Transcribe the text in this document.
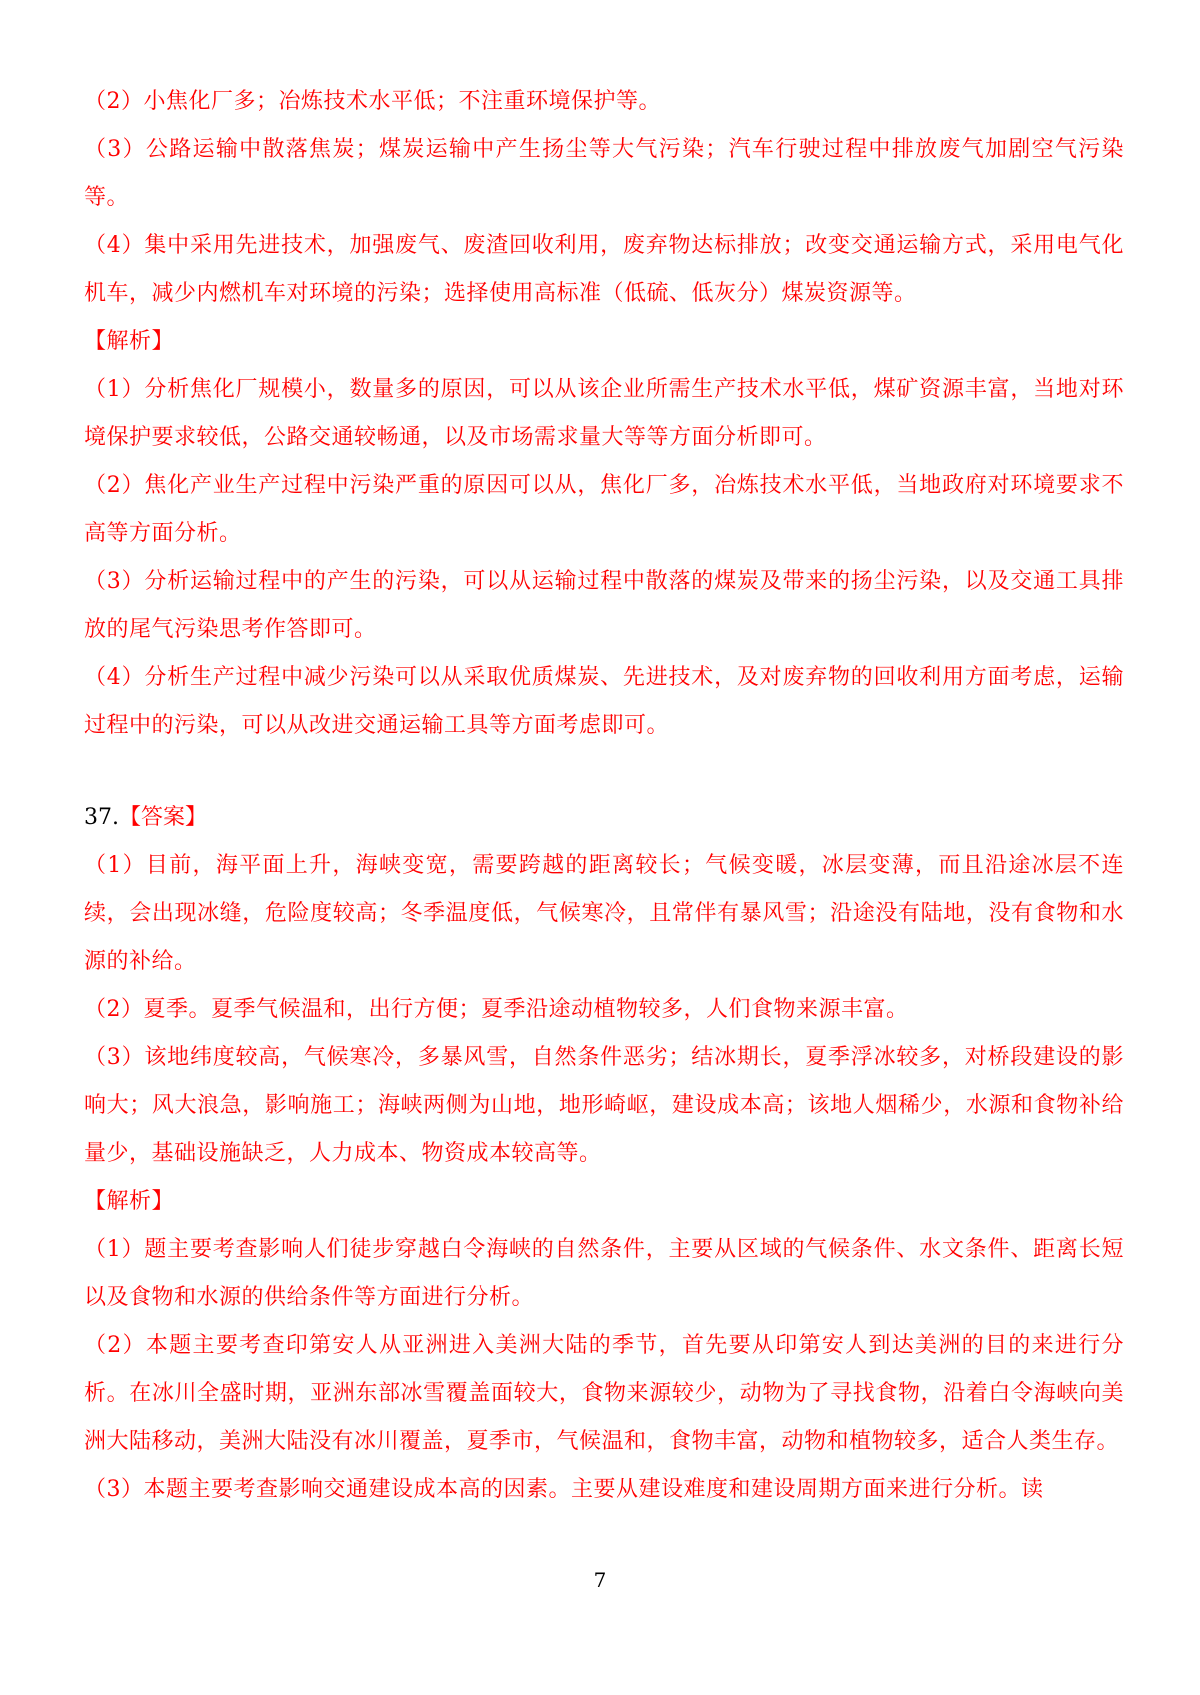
（2）小焦化厂多；冶炼技术水平低；不注重环境保护等。

（3）公路运输中散落焦炭；煤炭运输中产生扬尘等大气污染；汽车行驶过程中排放废气加剧空气污染等。

（4）集中采用先进技术，加强废气、废渣回收利用，废弃物达标排放；改变交通运输方式，采用电气化机车，减少内燃机车对环境的污染；选择使用高标准（低硫、低灰分）煤炭资源等。

【解析】

（1）分析焦化厂规模小，数量多的原因，可以从该企业所需生产技术水平低，煤矿资源丰富，当地对环境保护要求较低，公路交通较畅通，以及市场需求量大等等方面分析即可。

（2）焦化产业生产过程中污染严重的原因可以从，焦化厂多，冶炼技术水平低，当地政府对环境要求不高等方面分析。

（3）分析运输过程中的产生的污染，可以从运输过程中散落的煤炭及带来的扬尘污染，以及交通工具排放的尾气污染思考作答即可。

（4）分析生产过程中减少污染可以从采取优质煤炭、先进技术，及对废弃物的回收利用方面考虑，运输过程中的污染，可以从改进交通运输工具等方面考虑即可。

37.【答案】

（1）目前，海平面上升，海峡变宽，需要跨越的距离较长；气候变暖，冰层变薄，而且沿途冰层不连续，会出现冰缝，危险度较高；冬季温度低，气候寒冷，且常伴有暴风雪；沿途没有陆地，没有食物和水源的补给。

（2）夏季。夏季气候温和，出行方便；夏季沿途动植物较多，人们食物来源丰富。

（3）该地纬度较高，气候寒冷，多暴风雪，自然条件恶劣；结冰期长，夏季浮冰较多，对桥段建设的影响大；风大浪急，影响施工；海峡两侧为山地，地形崎岖，建设成本高；该地人烟稀少，水源和食物补给量少，基础设施缺乏，人力成本、物资成本较高等。

【解析】

（1）题主要考查影响人们徒步穿越白令海峡的自然条件，主要从区域的气候条件、水文条件、距离长短以及食物和水源的供给条件等方面进行分析。

（2）本题主要考查印第安人从亚洲进入美洲大陆的季节，首先要从印第安人到达美洲的目的来进行分析。在冰川全盛时期，亚洲东部冰雪覆盖面较大，食物来源较少，动物为了寻找食物，沿着白令海峡向美洲大陆移动，美洲大陆没有冰川覆盖，夏季市，气候温和，食物丰富，动物和植物较多，适合人类生存。

（3）本题主要考查影响交通建设成本高的因素。主要从建设难度和建设周期方面来进行分析。读

7
